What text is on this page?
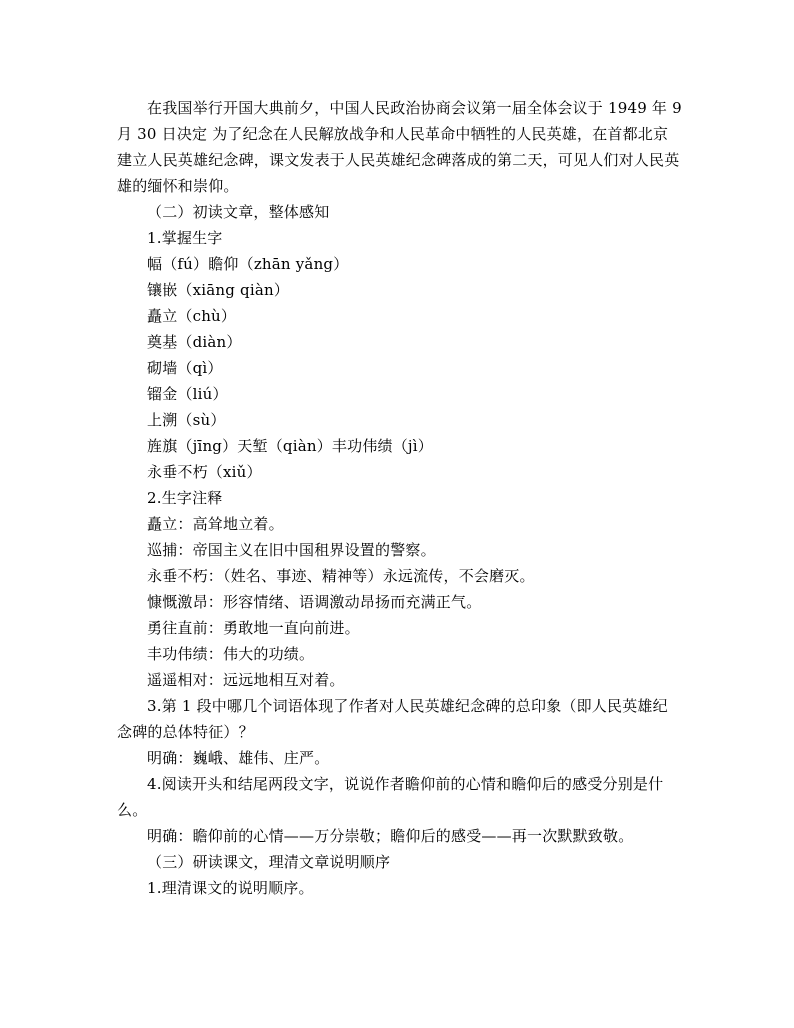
在我国举行开国大典前夕，中国人民政治协商会议第一届全体会议于 1949 年 9 月 30 日决定 为了纪念在人民解放战争和人民革命中牺牲的人民英雄，在首都北京建立人民英雄纪念碑，课文发表于人民英雄纪念碑落成的第二天，可见人们对人民英雄的缅怀和崇仰。

（二）初读文章，整体感知

1.掌握生字

幅（fú）瞻仰（zhān yǎng）
镶嵌（xiāng qiàn）
矗立（chù）
奠基（diàn）
砌墙（qì）
镏金（liú）
上溯（sù）
旌旗（jīng）天堑（qiàn）丰功伟绩（jì）
永垂不朽（xiǔ）

2.生字注释

矗立：高耸地立着。
巡捕：帝国主义在旧中国租界设置的警察。
永垂不朽：（姓名、事迹、精神等）永远流传，不会磨灭。
慷慨激昂：形容情绪、语调激动昂扬而充满正气。
勇往直前：勇敢地一直向前进。
丰功伟绩：伟大的功绩。
遥遥相对：远远地相互对着。

3.第 1 段中哪几个词语体现了作者对人民英雄纪念碑的总印象（即人民英雄纪念碑的总体特征）？

明确：巍峨、雄伟、庄严。

4.阅读开头和结尾两段文字，说说作者瞻仰前的心情和瞻仰后的感受分别是什么。

明确：瞻仰前的心情——万分崇敬；瞻仰后的感受——再一次默默致敬。

（三）研读课文，理清文章说明顺序

1.理清课文的说明顺序。
